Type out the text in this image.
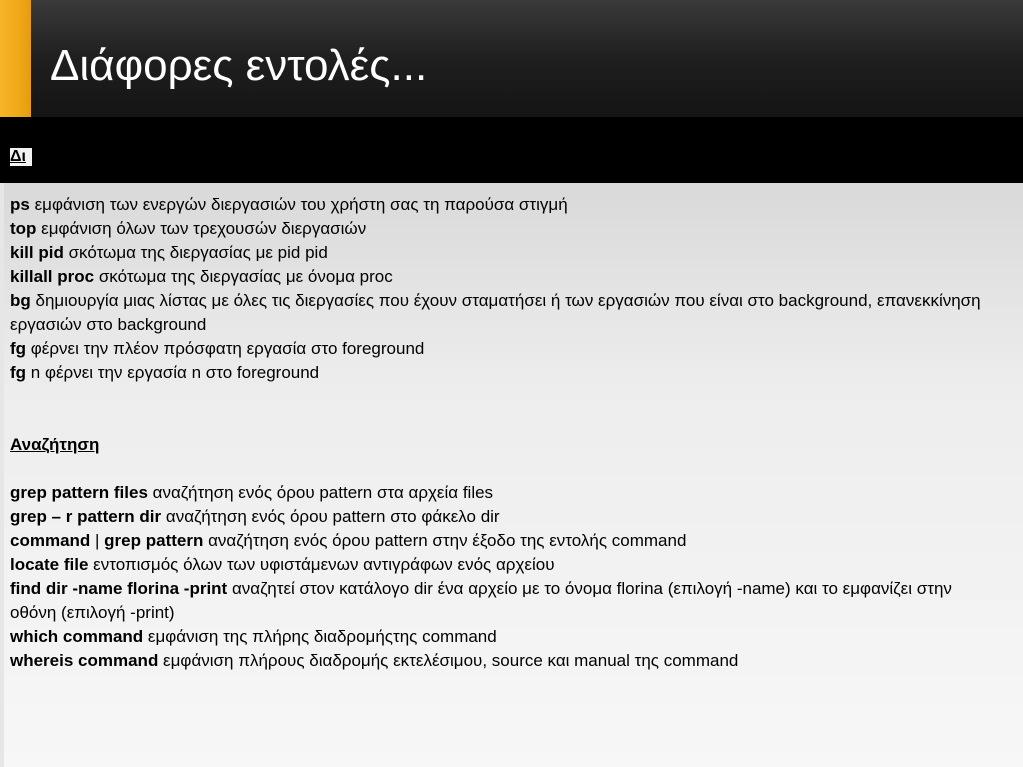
Διάφορες εντολές...
Δι

ps εμφάνιση των ενεργών διεργασιών του χρήστη σας τη παρούσα στιγμή

top εμφάνιση όλων των τρεχουσών διεργασιών

kill pid σκότωμα της διεργασίας με pid pid

killall proc σκότωμα της διεργασίας με όνομα proc

bg δημιουργία μιας λίστας με όλες τις διεργασίες που έχουν σταματήσει ή των εργασιών που είναι στο background, επανεκκίνηση εργασιών στο background

fg φέρνει την πλέον πρόσφατη εργασία στο foreground

fg n φέρνει την εργασία n στο foreground

Αναζήτηση

grep pattern files αναζήτηση ενός όρου pattern στα αρχεία files

grep – r pattern dir αναζήτηση ενός όρου pattern στο φάκελο dir

command | grep pattern αναζήτηση ενός όρου pattern στην έξοδο της εντολής command

locate file εντοπισμός όλων των υφιστάμενων αντιγράφων ενός αρχείου

find dir -name florina -print αναζητεί στον κατάλογο dir ένα αρχείο με το όνομα florina (επιλογή -name) και το εμφανίζει στην οθόνη (επιλογή -print)

which command εμφάνιση της πλήρης διαδρομήςτης command

whereis command εμφάνιση πλήρους διαδρομής εκτελέσιμου, source και manual της command
